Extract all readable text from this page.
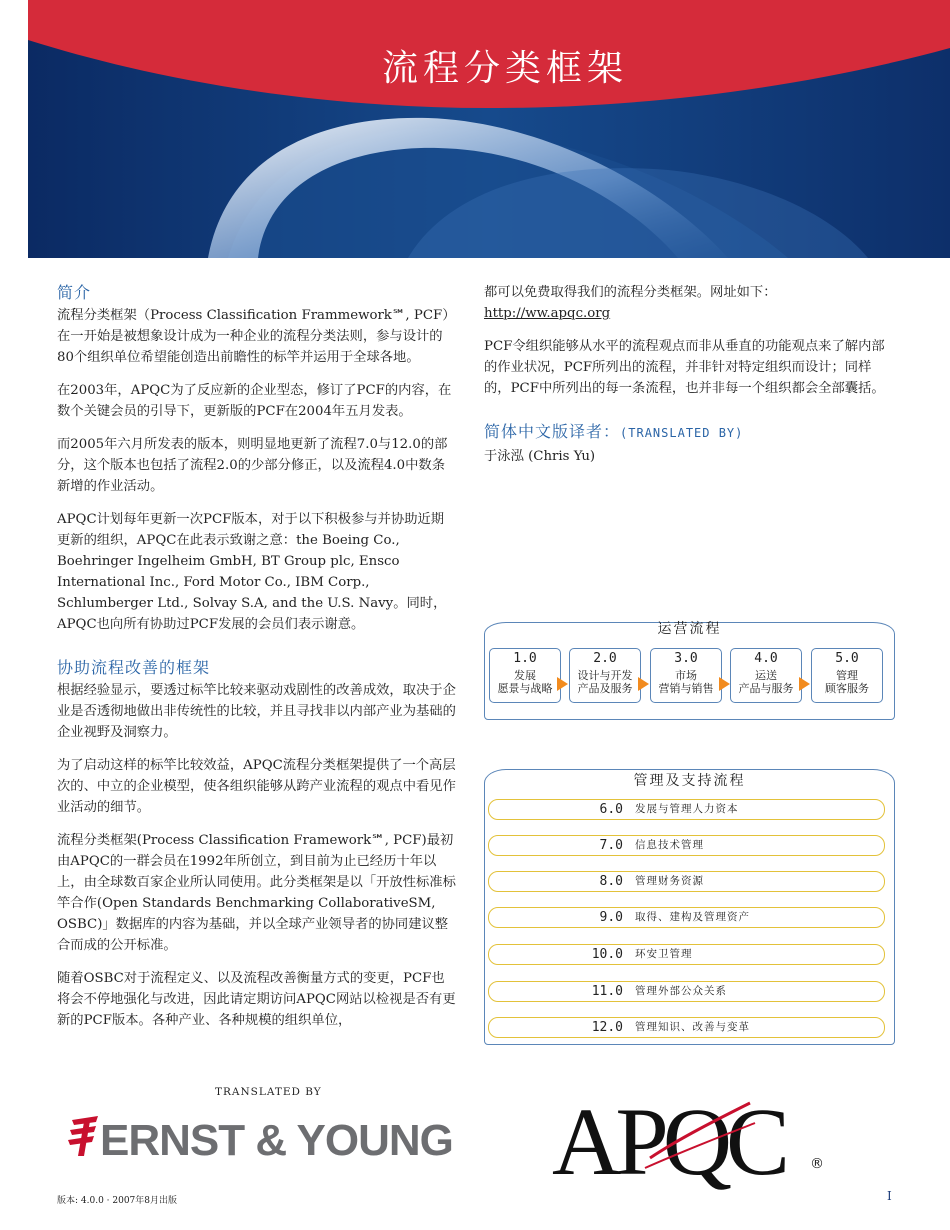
流程分类框架
简介

流程分类框架（Process Classification Frammework℠, PCF）在一开始是被想象设计成为一种企业的流程分类法则，参与设计的80个组织单位希望能创造出前瞻性的标竿并运用于全球各地。

在2003年，APQC为了反应新的企业型态，修订了PCF的内容，在数个关键会员的引导下，更新版的PCF在2004年五月发表。

而2005年六月所发表的版本，则明显地更新了流程7.0与12.0的部分，这个版本也包括了流程2.0的少部分修正，以及流程4.0中数条新增的作业活动。

APQC计划每年更新一次PCF版本，对于以下积极参与并协助近期更新的组织，APQC在此表示致谢之意：the Boeing Co., Boehringer Ingelheim GmbH, BT Group plc, Ensco International Inc., Ford Motor Co., IBM Corp., Schlumberger Ltd., Solvay S.A, and the U.S. Navy。同时，APQC也向所有协助过PCF发展的会员们表示谢意。

协助流程改善的框架

根据经验显示，要透过标竿比较来驱动戏剧性的改善成效，取决于企业是否透彻地做出非传统性的比较，并且寻找非以内部产业为基础的企业视野及洞察力。

为了启动这样的标竿比较效益，APQC流程分类框架提供了一个高层次的、中立的企业模型，使各组织能够从跨产业流程的观点中看见作业活动的细节。

流程分类框架(Process Classification Framework℠, PCF)最初由APQC的一群会员在1992年所创立，到目前为止已经历十年以上，由全球数百家企业所认同使用。此分类框架是以「开放性标准标竿合作(Open Standards Benchmarking CollaborativeSM, OSBC)」数据库的内容为基础，并以全球产业领导者的协同建议整合而成的公开标准。

随着OSBC对于流程定义、以及流程改善衡量方式的变更，PCF也将会不停地强化与改进，因此请定期访问APQC网站以检视是否有更新的PCF版本。各种产业、各种规模的组织单位，

都可以免费取得我们的流程分类框架。网址如下：http://ww.apqc.org

PCF令组织能够从水平的流程观点而非从垂直的功能观点来了解内部的作业状况，PCF所列出的流程，并非针对特定组织而设计；同样的，PCF中所列出的每一条流程，也并非每一个组织都会全部囊括。

简体中文版译者：(TRANSLATED BY)
于泳泓 (Chris Yu)
运营流程
1.0
发展
愿景与战略
2.0
设计与开发
产品及服务
3.0
市场
营销与销售
4.0
运送
产品与服务
5.0
管理
顾客服务
管理及支持流程
6.0 发展与管理人力资本
7.0 信息技术管理
8.0 管理财务资源
9.0 取得、建构及管理资产
10.0 环安卫管理
11.0 管理外部公众关系
12.0 管理知识、改善与变革
TRANSLATED BY
ERNST & YOUNG APQC ®
版本: 4.0.0 · 2007年8月出版	I
